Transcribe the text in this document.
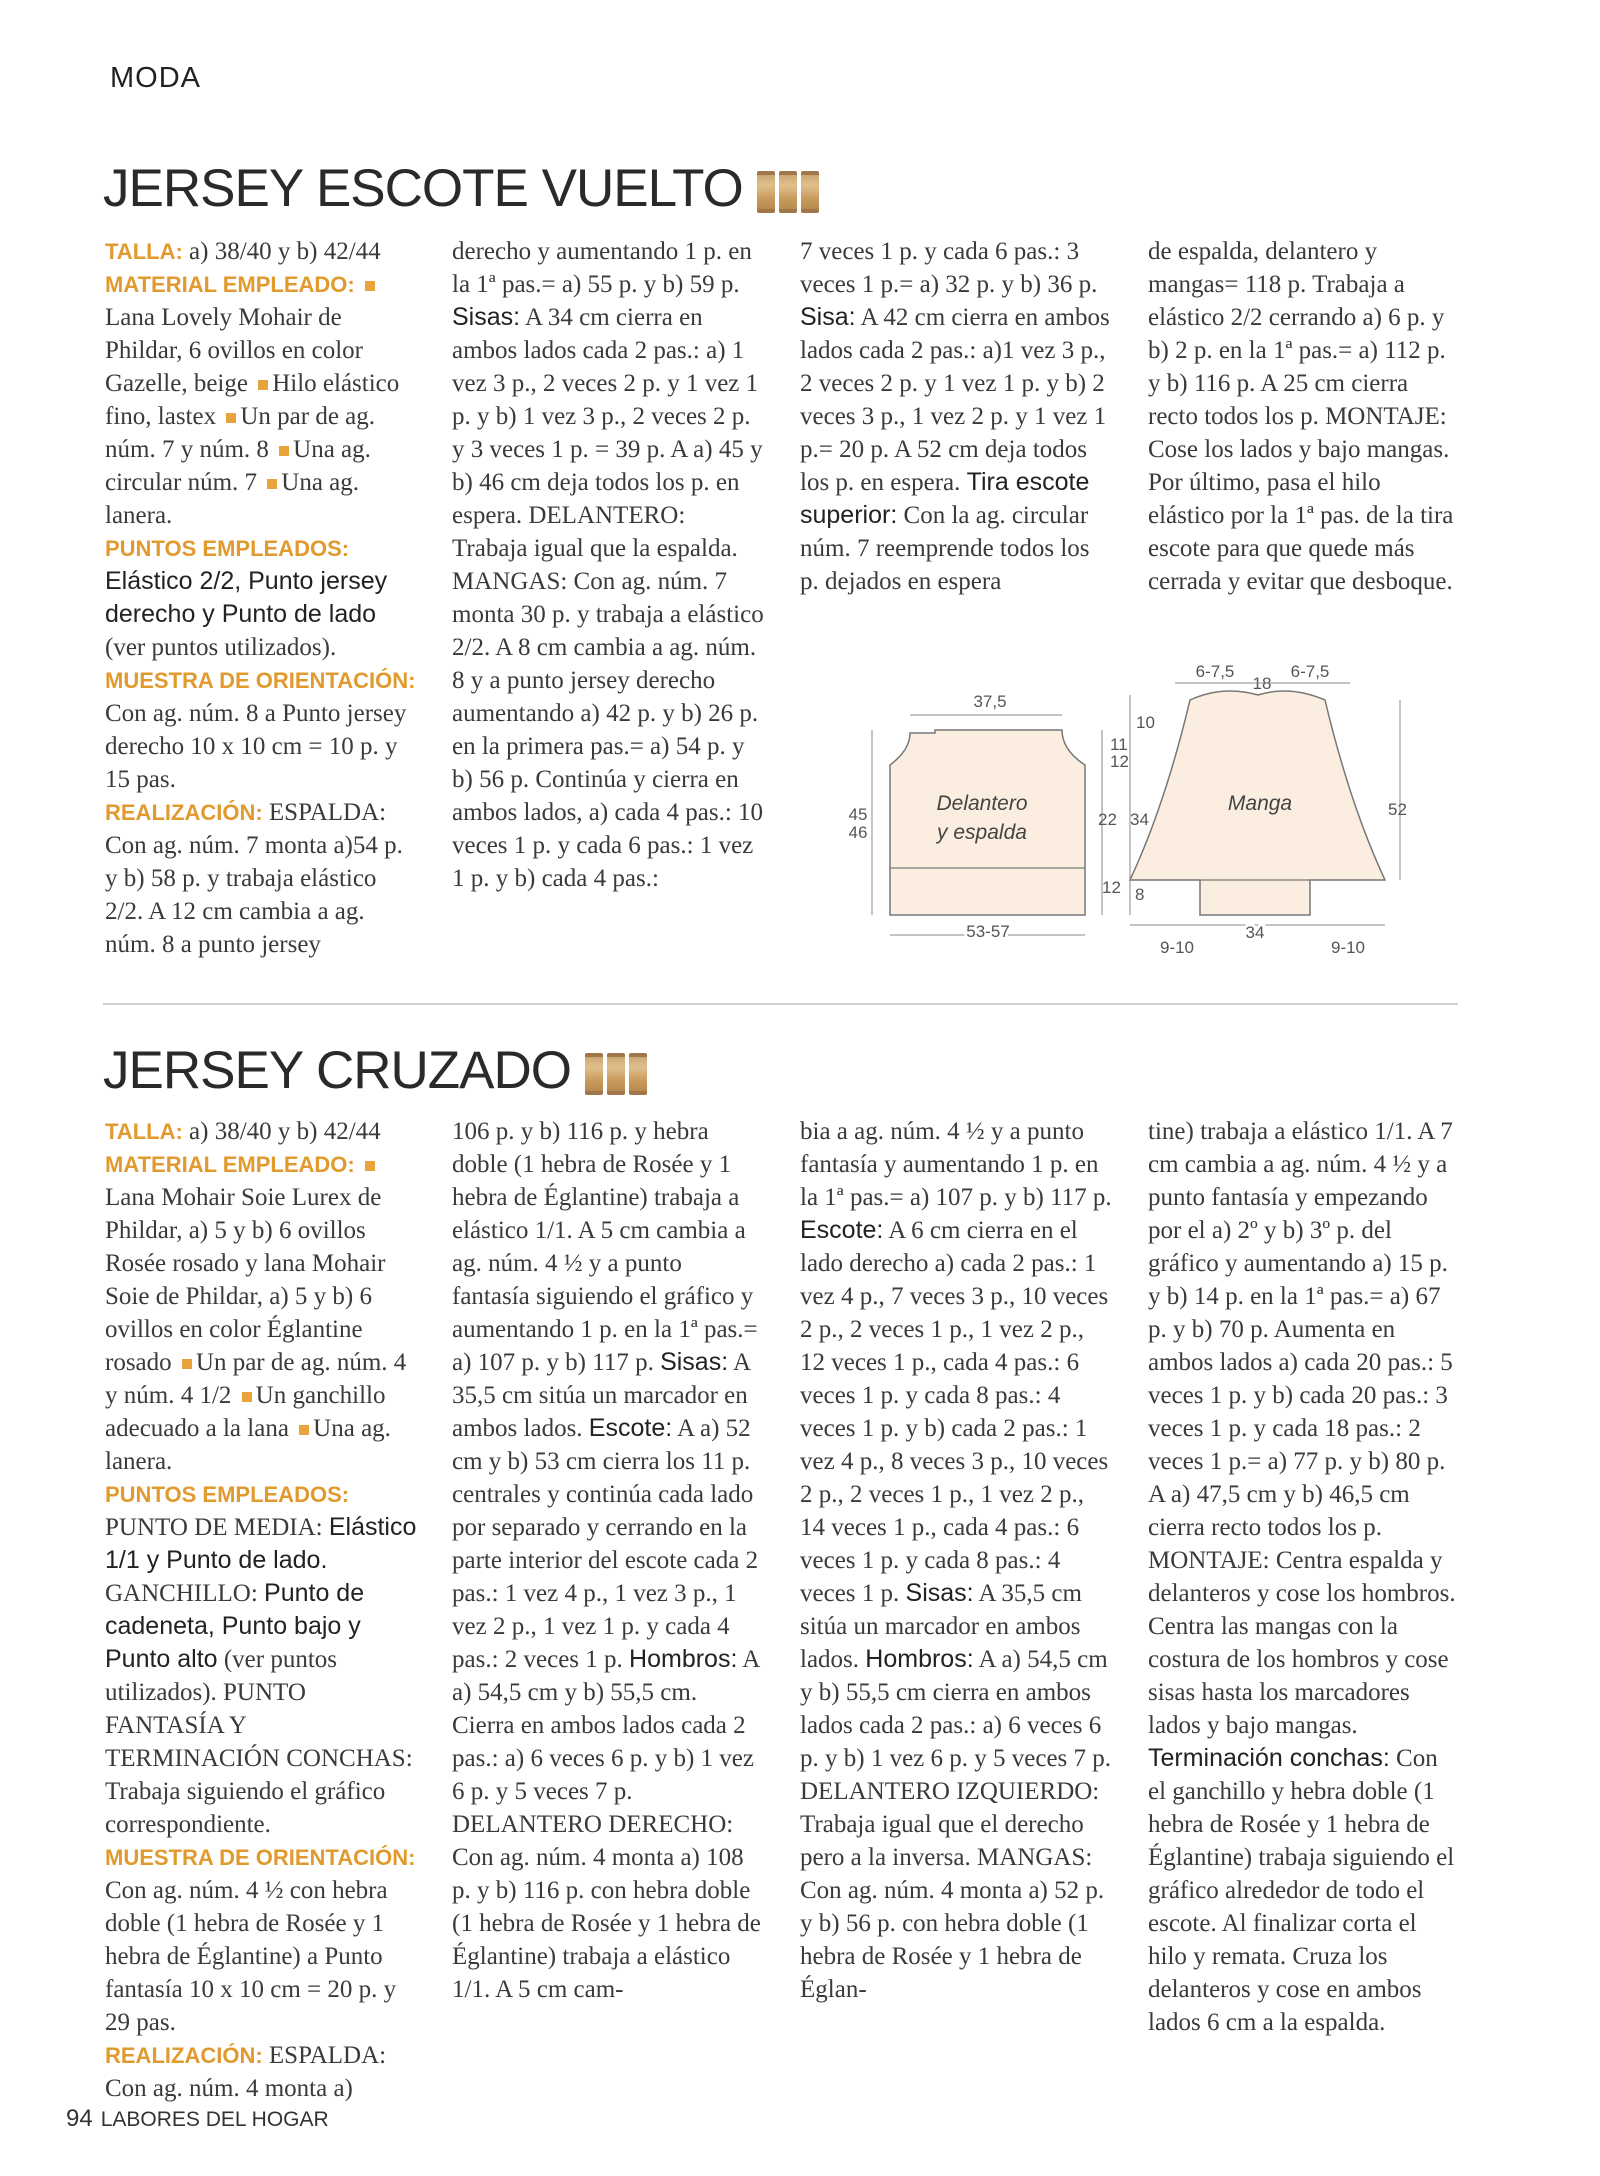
MODA
JERSEY ESCOTE VUELTO
TALLA: a) 38/40 y b) 42/44
MATERIAL EMPLEADO:
Lana Lovely Mohair de Phildar, 6 ovillos en color Gazelle, beige Hilo elástico fino, lastex Un par de ag. núm. 7 y núm. 8 Una ag. circular núm. 7 Una ag. lanera.
PUNTOS EMPLEADOS: Elástico 2/2, Punto jersey derecho y Punto de lado (ver puntos utilizados).
MUESTRA DE ORIENTACIÓN:
Con ag. núm. 8 a Punto jersey derecho 10 x 10 cm = 10 p. y 15 pas.
REALIZACIÓN: ESPALDA: Con ag. núm. 7 monta a)54 p. y b) 58 p. y trabaja elástico 2/2. A 12 cm cambia a ag. núm. 8 a punto jersey
derecho y aumentando 1 p. en la 1ª pas.= a) 55 p. y b) 59 p. Sisas: A 34 cm cierra en ambos lados cada 2 pas.: a) 1 vez 3 p., 2 veces 2 p. y 1 vez 1 p. y b) 1 vez 3 p., 2 veces 2 p. y 3 veces 1 p. = 39 p. A a) 45 y b) 46 cm deja todos los p. en espera. DELANTERO: Trabaja igual que la espalda.
MANGAS: Con ag. núm. 7 monta 30 p. y trabaja a elástico 2/2. A 8 cm cambia a ag. núm. 8 y a punto jersey derecho aumentando a) 42 p. y b) 26 p. en la primera pas.= a) 54 p. y b) 56 p. Continúa y cierra en ambos lados, a) cada 4 pas.: 10 veces 1 p. y cada 6 pas.: 1 vez 1 p. y b) cada 4 pas.:
7 veces 1 p. y cada 6 pas.: 3 veces 1 p.= a) 32 p. y b) 36 p. Sisa: A 42 cm cierra en ambos lados cada 2 pas.: a)1 vez 3 p., 2 veces 2 p. y 1 vez 1 p. y b) 2 veces 3 p., 1 vez 2 p. y 1 vez 1 p.= 20 p. A 52 cm deja todos los p. en espera. Tira escote superior: Con la ag. circular núm. 7 reemprende todos los p. dejados en espera
de espalda, delantero y mangas= 118 p. Trabaja a elástico 2/2 cerrando a) 6 p. y b) 2 p. en la 1ª pas.= a) 112 p. y b) 116 p. A 25 cm cierra recto todos los p. MONTAJE: Cose los lados y bajo mangas. Por último, pasa el hilo elástico por la 1ª pas. de la tira escote para que quede más cerrada y evitar que desboque.
Delantero
y espalda
37,5
53-57
45
46
11
12
22
12
Manga
6-7,5
18
6-7,5
10
34
8
52
34
9-10	9-10
JERSEY CRUZADO
TALLA: a) 38/40 y b) 42/44
MATERIAL EMPLEADO:
Lana Mohair Soie Lurex de Phildar, a) 5 y b) 6 ovillos Rosée rosado y lana Mohair Soie de Phildar, a) 5 y b) 6 ovillos en color Églantine rosado Un par de ag. núm. 4 y núm. 4 1/2 Un ganchillo adecuado a la lana Una ag. lanera.
PUNTOS EMPLEADOS: PUNTO DE MEDIA: Elástico 1/1 y Punto de lado. GANCHILLO: Punto de cadeneta, Punto bajo y Punto alto (ver puntos utilizados). PUNTO FANTASÍA Y TERMINACIÓN CONCHAS: Trabaja siguiendo el gráfico correspondiente.
MUESTRA DE ORIENTACIÓN:
Con ag. núm. 4 ½ con hebra doble (1 hebra de Rosée y 1 hebra de Églantine) a Punto fantasía 10 x 10 cm = 20 p. y 29 pas.
REALIZACIÓN: ESPALDA: Con ag. núm. 4 monta a)
106 p. y b) 116 p. y hebra doble (1 hebra de Rosée y 1 hebra de Églantine) trabaja a elástico 1/1. A 5 cm cambia a ag. núm. 4 ½ y a punto fantasía siguiendo el gráfico y aumentando 1 p. en la 1ª pas.= a) 107 p. y b) 117 p. Sisas: A 35,5 cm sitúa un marcador en ambos lados. Escote: A a) 52 cm y b) 53 cm cierra los 11 p. centrales y continúa cada lado por separado y cerrando en la parte interior del escote cada 2 pas.: 1 vez 4 p., 1 vez 3 p., 1 vez 2 p., 1 vez 1 p. y cada 4 pas.: 2 veces 1 p. Hombros: A a) 54,5 cm y b) 55,5 cm. Cierra en ambos lados cada 2 pas.: a) 6 veces 6 p. y b) 1 vez 6 p. y 5 veces 7 p.
DELANTERO DERECHO: Con ag. núm. 4 monta a) 108 p. y b) 116 p. con hebra doble (1 hebra de Rosée y 1 hebra de Églantine) trabaja a elástico 1/1. A 5 cm cam-
bia a ag. núm. 4 ½ y a punto fantasía y aumentando 1 p. en la 1ª pas.= a) 107 p. y b) 117 p. Escote: A 6 cm cierra en el lado derecho a) cada 2 pas.: 1 vez 4 p., 7 veces 3 p., 10 veces 2 p., 2 veces 1 p., 1 vez 2 p., 12 veces 1 p., cada 4 pas.: 6 veces 1 p. y cada 8 pas.: 4 veces 1 p. y b) cada 2 pas.: 1 vez 4 p., 8 veces 3 p., 10 veces 2 p., 2 veces 1 p., 1 vez 2 p., 14 veces 1 p., cada 4 pas.: 6 veces 1 p. y cada 8 pas.: 4 veces 1 p. Sisas: A 35,5 cm sitúa un marcador en ambos lados. Hombros: A a) 54,5 cm y b) 55,5 cm cierra en ambos lados cada 2 pas.: a) 6 veces 6 p. y b) 1 vez 6 p. y 5 veces 7 p. DELANTERO IZQUIERDO: Trabaja igual que el derecho pero a la inversa. MANGAS: Con ag. núm. 4 monta a) 52 p. y b) 56 p. con hebra doble (1 hebra de Rosée y 1 hebra de Églan-
tine) trabaja a elástico 1/1. A 7 cm cambia a ag. núm. 4 ½ y a punto fantasía y empezando por el a) 2º y b) 3º p. del gráfico y aumentando a) 15 p. y b) 14 p. en la 1ª pas.= a) 67 p. y b) 70 p. Aumenta en ambos lados a) cada 20 pas.: 5 veces 1 p. y b) cada 20 pas.: 3 veces 1 p. y cada 18 pas.: 2 veces 1 p.= a) 77 p. y b) 80 p. A a) 47,5 cm y b) 46,5 cm cierra recto todos los p. MONTAJE: Centra espalda y delanteros y cose los hombros. Centra las mangas con la costura de los hombros y cose sisas hasta los marcadores lados y bajo mangas. Terminación conchas: Con el ganchillo y hebra doble (1 hebra de Rosée y 1 hebra de Églantine) trabaja siguiendo el gráfico alrededor de todo el escote. Al finalizar corta el hilo y remata. Cruza los delanteros y cose en ambos lados 6 cm a la espalda.
94 LABORES DEL HOGAR
